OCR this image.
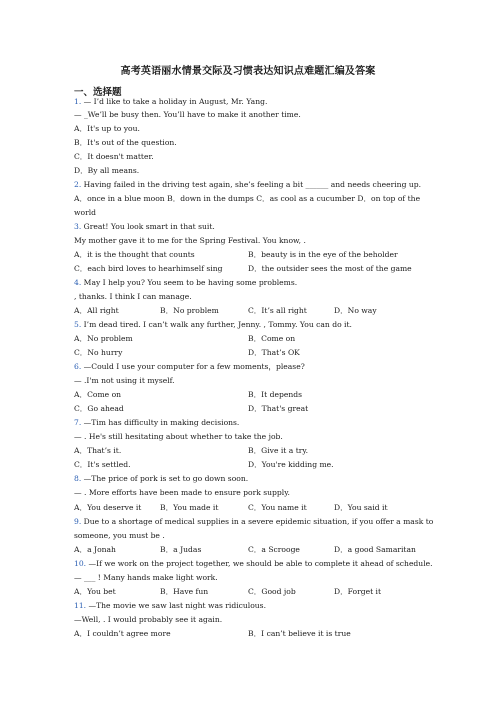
高考英语丽水情景交际及习惯表达知识点难题汇编及答案
一、选择题
1. — I’d like to take a holiday in August, Mr. Yang.
— _We’ll be busy then. You’ll have to make it another time.
A．It's up to you.
B．It's out of the question.
C．It doesn't matter.
D．By all means.
2. Having failed in the driving test again, she’s feeling a bit ______ and needs cheering up.
A．once in a blue moon B．down in the dumps C．as cool as a cucumber D．on top of the
world
3. Great! You look smart in that suit.
My mother gave it to me for the Spring Festival. You know, .
A．it is the thought that counts	B．beauty is in the eye of the beholder
C．each bird loves to hearhimself sing	D．the outsider sees the most of the game
4. May I help you? You seem to be having some problems.
, thanks. I think I can manage.
A．All right	B．No problem	C．It’s all right	D．No way
5. I’m dead tired. I can’t walk any further, Jenny. , Tommy. You can do it.
A．No problem	B．Come on
C．No hurry	D．That’s OK
6. —Could I use your computer for a few moments，please?
— .I'm not using it myself.
A．Come on	B．It depends
C．Go ahead	D．That's great
7. —Tim has difficulty in making decisions.
— . He's still hesitating about whether to take the job.
A．That’s it.	B．Give it a try.
C．It's settled.	D．You're kidding me.
8. —The price of pork is set to go down soon.
— . More efforts have been made to ensure pork supply.
A．You deserve it B．You made it	C．You name it	D．You said it
9. Due to a shortage of medical supplies in a severe epidemic situation, if you offer a mask to
someone, you must be .
A．a Jonah	B．a Judas	C．a Scrooge	D．a good Samaritan
10. —If we work on the project together, we should be able to complete it ahead of schedule.
— ___ ! Many hands make light work.
A．You bet	B．Have fun	C．Good job	D．Forget it
11. —The movie we saw last night was ridiculous.
—Well, . I would probably see it again.
A．I couldn’t agree more	B．I can’t believe it is true
